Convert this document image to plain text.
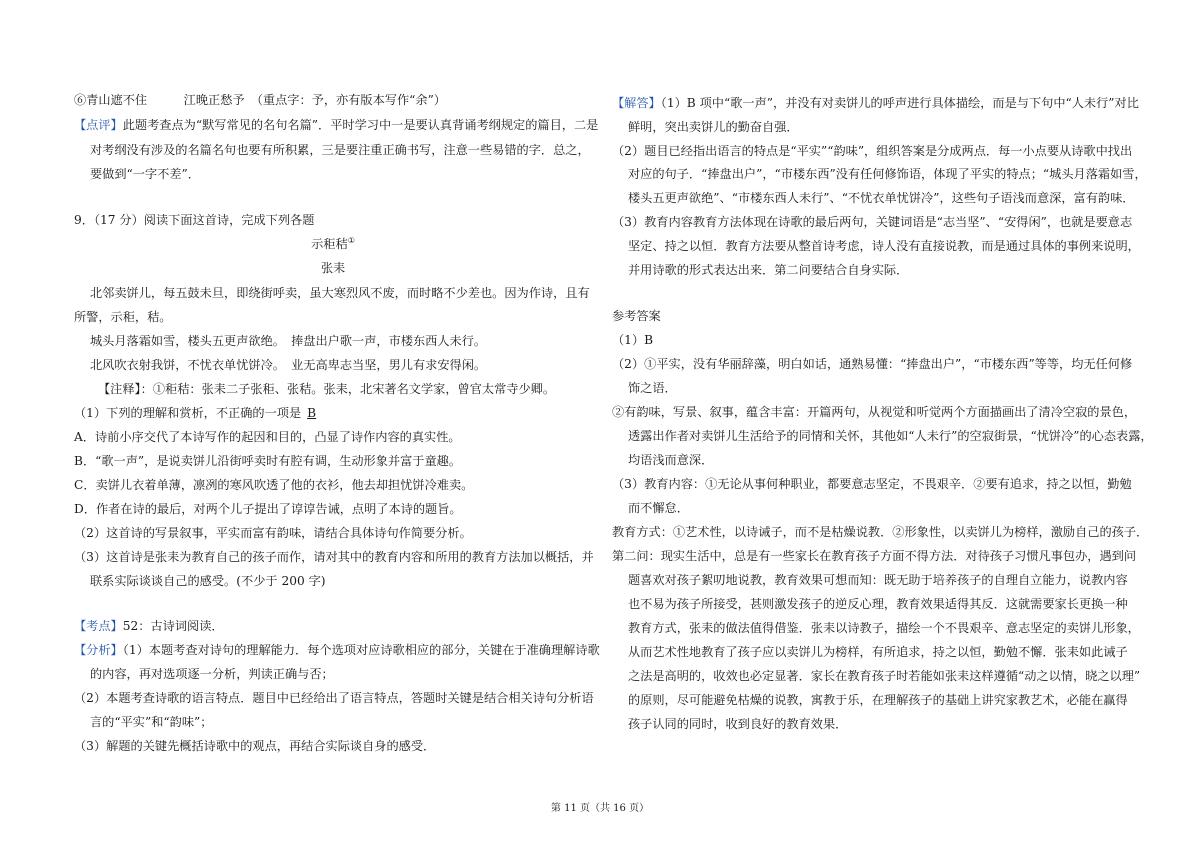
⑥青山遮不住　　　江晚正愁予　（重点字：予，亦有版本写作“余”）
【点评】此题考查点为“默写常见的名句名篇”．平时学习中一是要认真背诵考纲规定的篇目，二是
对考纲没有涉及的名篇名句也要有所积累，三是要注重正确书写，注意一些易错的字．总之，
要做到“一字不差”．
9．（17 分）阅读下面这首诗，完成下列各题
示秬秸①
张耒
北邻卖饼儿，每五鼓未旦，即绕街呼卖，虽大寒烈风不废，而时略不少差也。因为作诗，且有
所警，示秬，秸。
城头月落霜如雪，楼头五更声欲绝。　捧盘出户歌一声，市楼东西人未行。
北风吹衣射我饼，不忧衣单忧饼冷。　业无高卑志当坚，男儿有求安得闲。
【注释】：①秬秸：张耒二子张秬、张秸。张耒，北宋著名文学家，曾官太常寺少卿。
（1）下列的理解和赏析，不正确的一项是 B
A．诗前小序交代了本诗写作的起因和目的，凸显了诗作内容的真实性。
B．“歌一声”，是说卖饼儿沿街呼卖时有腔有调，生动形象并富于童趣。
C．卖饼儿衣着单薄，凛冽的寒风吹透了他的衣衫，他去却担忧饼冷难卖。
D．作者在诗的最后，对两个儿子提出了谆谆告诫，点明了本诗的题旨。
（2）这首诗的写景叙事，平实而富有韵味，请结合具体诗句作简要分析。
（3）这首诗是张耒为教育自己的孩子而作，请对其中的教育内容和所用的教育方法加以概括，并
联系实际谈谈自己的感受。(不少于 200 字)
【考点】52：古诗词阅读．
【分析】（1）本题考查对诗句的理解能力．每个选项对应诗歌相应的部分，关键在于准确理解诗歌
的内容，再对选项逐一分析，判读正确与否；
（2）本题考查诗歌的语言特点．题目中已经给出了语言特点，答题时关键是结合相关诗句分析语
言的“平实”和“韵味”；
（3）解题的关键先概括诗歌中的观点，再结合实际谈自身的感受．
【解答】（1）B 项中“歌一声”，并没有对卖饼儿的呼声进行具体描绘，而是与下句中“人未行”对比
鲜明，突出卖饼儿的勤奋自强．
（2）题目已经指出语言的特点是“平实”“韵味”，组织答案是分成两点．每一小点要从诗歌中找出
对应的句子．“捧盘出户”，“市楼东西”没有任何修饰语，体现了平实的特点；“城头月落霜如雪，
楼头五更声欲绝”、“市楼东西人未行”、“不忧衣单忧饼冷”，这些句子语浅而意深，富有韵味．
（3）教育内容教育方法体现在诗歌的最后两句，关键词语是“志当坚”、“安得闲”，也就是要意志
坚定、持之以恒．教育方法要从整首诗考虑，诗人没有直接说教，而是通过具体的事例来说明，
并用诗歌的形式表达出来．第二问要结合自身实际．
参考答案
（1）B
（2）①平实，没有华丽辞藻，明白如话，通熟易懂：“捧盘出户”，“市楼东西”等等，均无任何修
饰之语．
②有韵味，写景、叙事，蕴含丰富：开篇两句，从视觉和听觉两个方面描画出了清冷空寂的景色，
透露出作者对卖饼儿生活给予的同情和关怀，其他如“人未行”的空寂街景，“忧饼冷”的心态表露，
均语浅而意深．
（3）教育内容：①无论从事何种职业，都要意志坚定，不畏艰辛．②要有追求，持之以恒，勤勉
而不懈怠．
教育方式：①艺术性，以诗诫子，而不是枯燥说教．②形象性，以卖饼儿为榜样，激励自己的孩子．
第二问：现实生活中，总是有一些家长在教育孩子方面不得方法．对待孩子习惯凡事包办，遇到问
题喜欢对孩子絮叨地说教，教育效果可想而知：既无助于培养孩子的自理自立能力，说教内容
也不易为孩子所接受，甚则激发孩子的逆反心理，教育效果适得其反．这就需要家长更换一种
教育方式，张耒的做法值得借鉴．张耒以诗教子，描绘一个不畏艰辛、意志坚定的卖饼儿形象，
从而艺术性地教育了孩子应以卖饼儿为榜样，有所追求，持之以恒，勤勉不懈．张耒如此诫子
之法是高明的，收效也必定显著．家长在教育孩子时若能如张耒这样遵循“动之以情，晓之以理”
的原则，尽可能避免枯燥的说教，寓教于乐，在理解孩子的基础上讲究家教艺术，必能在赢得
孩子认同的同时，收到良好的教育效果．
第 11 页（共 16 页）
